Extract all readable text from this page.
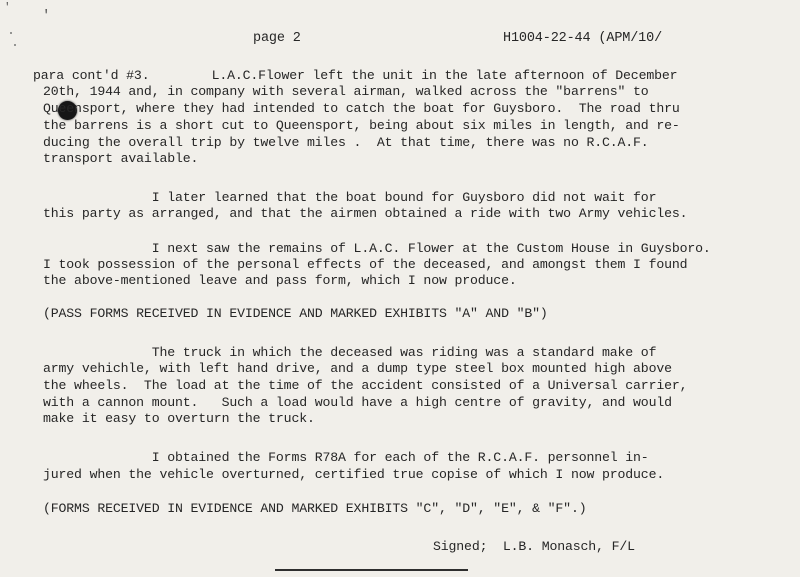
' '
page 2	H1004-22-44 (APM/10/
para cont'd #3.        L.A.C.Flower left the unit in the late afternoon of December
20th, 1944 and, in company with several airman, walked across the "barrens" to
Queensport, where they had intended to catch the boat for Guysboro.  The road thru
the barrens is a short cut to Queensport, being about six miles in length, and re-
ducing the overall trip by twelve miles .  At that time, there was no R.C.A.F.
transport available.
I later learned that the boat bound for Guysboro did not wait for
this party as arranged, and that the airmen obtained a ride with two Army vehicles.
I next saw the remains of L.A.C. Flower at the Custom House in Guysboro.
I took possession of the personal effects of the deceased, and amongst them I found
the above-mentioned leave and pass form, which I now produce.
(PASS FORMS RECEIVED IN EVIDENCE AND MARKED EXHIBITS "A" AND "B")
The truck in which the deceased was riding was a standard make of
army vehichle, with left hand drive, and a dump type steel box mounted high above
the wheels.  The load at the time of the accident consisted of a Universal carrier,
with a cannon mount.   Such a load would have a high centre of gravity, and would
make it easy to overturn the truck.
I obtained the Forms R78A for each of the R.C.A.F. personnel in-
jured when the vehicle overturned, certified true copise of which I now produce.
(FORMS RECEIVED IN EVIDENCE AND MARKED EXHIBITS "C", "D", "E", & "F".)
Signed;  L.B. Monasch, F/L
